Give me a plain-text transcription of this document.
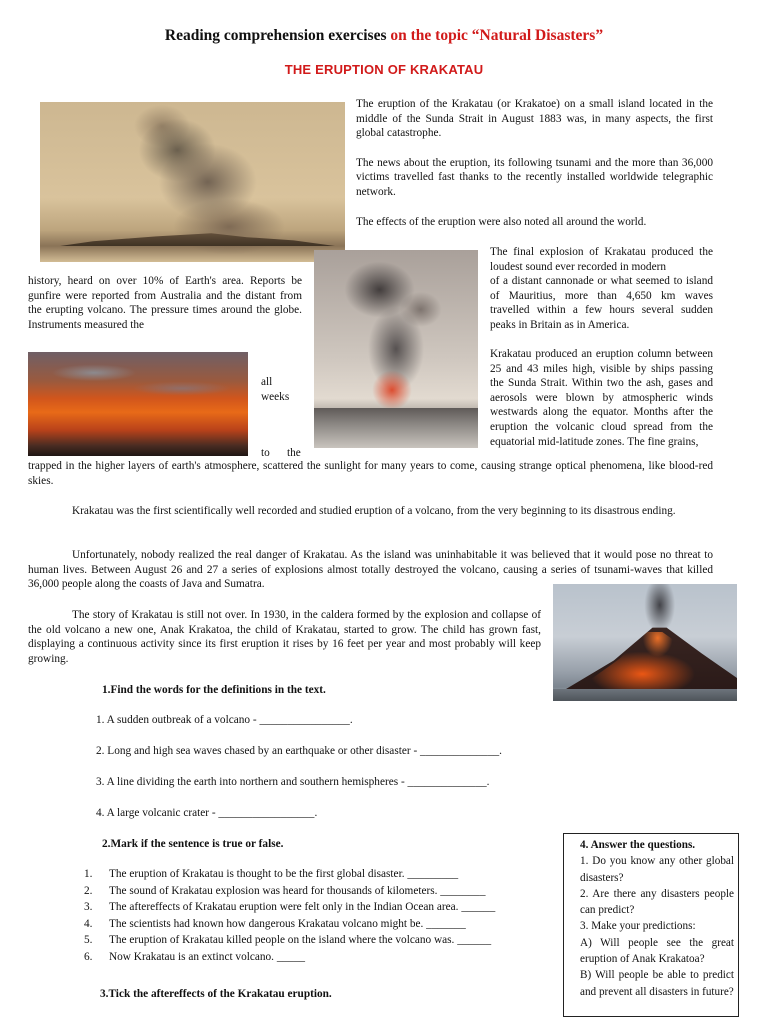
Reading comprehension exercises on the topic “Natural Disasters”
THE ERUPTION OF KRAKATAU

The eruption of the Krakatau (or Krakatoe) on a small island located in the middle of the Sunda Strait in August 1883 was, in many aspects, the first global catastrophe.

The news about the eruption, its following tsunami and the more than 36,000 victims travelled fast thanks to the recently installed worldwide telegraphic network.

The effects of the eruption were also noted all around the world.

The final explosion of Krakatau produced the loudest sound ever recorded in modern
history, heard on over 10% of Earth's area. Reports be gunfire were reported from Australia and the distant from the erupting volcano. The pressure times around the globe. Instruments measured the
of a distant cannonade or what seemed to island of Mauritius, more than 4,650 km waves travelled within a few hours several sudden peaks in Britain as in America.
Krakatau produced an eruption column between 25 and 43 miles high, visible by ships passing the Sunda Strait. Within two the ash, gases and aerosols were blown by atmospheric winds westwards along the equator. Months after the eruption the volcanic cloud spread from the equatorial mid-latitude zones. The fine grains,
all
weeks
to the
trapped in the higher layers of earth's atmosphere, scattered the sunlight for many years to come, causing strange optical phenomena, like blood-red skies.
Krakatau was the first scientifically well recorded and studied eruption of a volcano, from the very beginning to its disastrous ending.
Unfortunately, nobody realized the real danger of Krakatau. As the island was uninhabitable it was believed that it would pose no threat to human lives. Between August 26 and 27 a series of explosions almost totally destroyed the volcano, causing a series of tsunami-waves that killed 36,000 people along the coasts of Java and Sumatra.
The story of Krakatau is still not over. In 1930, in the caldera formed by the explosion and collapse of the old volcano a new one, Anak Krakatoa, the child of Krakatau, started to grow. The child has grown fast, displaying a continuous activity since its first eruption it rises by 16 feet per year and most probably will keep growing.
1.Find the words for the definitions in the text.
1. A sudden outbreak of a volcano - ________________.
2. Long and high sea waves chased by an earthquake or other disaster - ______________.
3. A line dividing the earth into northern and southern hemispheres - ______________.
4. A large volcanic crater - _________________.
2.Mark if the sentence is true or false.
1.	The eruption of Krakatau is thought to be the first global disaster. _________
2.	The sound of Krakatau explosion was heard for thousands of kilometers. ________
3.	The aftereffects of Krakatau eruption were felt only in the Indian Ocean area. ______
4.	The scientists had known how dangerous Krakatau volcano might be. _______
5.	The eruption of Krakatau killed people on the island where the volcano was. ______
6.	Now Krakatau is an extinct volcano. _____
3.Tick the aftereffects of the Krakatau eruption.

4. Answer the questions.

1. Do you know any other global disasters?

2. Are there any disasters people can predict?

3. Make your predictions:

A) Will people see the great eruption of Anak Krakatoa?

B) Will people be able to predict and prevent all disasters in future?
